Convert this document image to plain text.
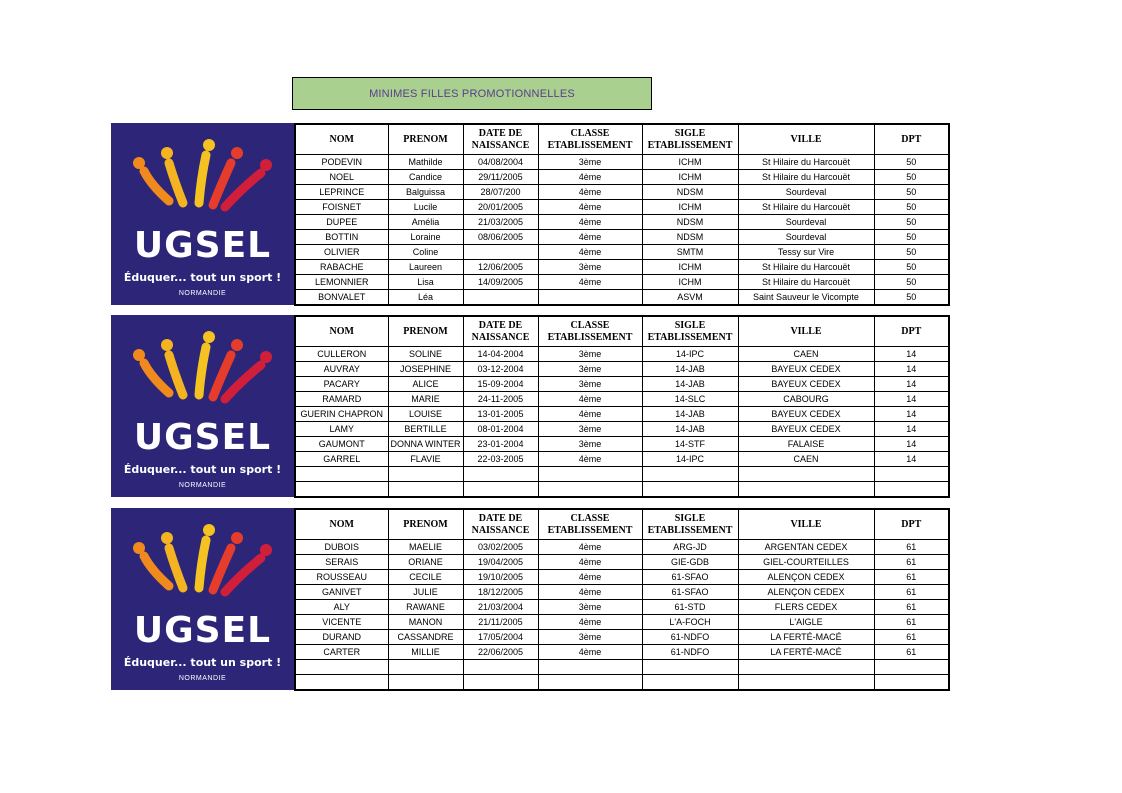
MINIMES FILLES PROMOTIONNELLES
UGSEL
Éduquer... tout un sport !
NORMANDIE
NOM	PRENOM	DATE DE NAISSANCE	CLASSE ETABLISSEMENT	SIGLE ETABLISSEMENT	VILLE	DPT
PODEVIN	Mathilde	04/08/2004	3ème	ICHM	St Hilaire du Harcouët	50
NOEL	Candice	29/11/2005	4ème	ICHM	St Hilaire du Harcouët	50
LEPRINCE	Balguissa	28/07/200	4ème	NDSM	Sourdeval	50
FOISNET	Lucile	20/01/2005	4ème	ICHM	St Hilaire du Harcouët	50
DUPEE	Amélia	21/03/2005	4ème	NDSM	Sourdeval	50
BOTTIN	Loraine	08/06/2005	4ème	NDSM	Sourdeval	50
OLIVIER	Coline		4ème	SMTM	Tessy sur Vire	50
RABACHE	Laureen	12/06/2005	3ème	ICHM	St Hilaire du Harcouët	50
LEMONNIER	Lisa	14/09/2005	4ème	ICHM	St Hilaire du Harcouët	50
BONVALET	Léa			ASVM	Saint Sauveur le Vicompte	50
UGSEL
Éduquer... tout un sport !
NORMANDIE
NOM	PRENOM	DATE DE NAISSANCE	CLASSE ETABLISSEMENT	SIGLE ETABLISSEMENT	VILLE	DPT
CULLERON	SOLINE	14-04-2004	3ème	14-IPC	CAEN	14
AUVRAY	JOSEPHINE	03-12-2004	3ème	14-JAB	BAYEUX CEDEX	14
PACARY	ALICE	15-09-2004	3ème	14-JAB	BAYEUX CEDEX	14
RAMARD	MARIE	24-11-2005	4ème	14-SLC	CABOURG	14
GUERIN CHAPRON	LOUISE	13-01-2005	4ème	14-JAB	BAYEUX CEDEX	14
LAMY	BERTILLE	08-01-2004	3ème	14-JAB	BAYEUX CEDEX	14
GAUMONT	DONNA WINTER	23-01-2004	3ème	14-STF	FALAISE	14
GARREL	FLAVIE	22-03-2005	4ème	14-IPC	CAEN	14

UGSEL
Éduquer... tout un sport !
NORMANDIE
NOM	PRENOM	DATE DE NAISSANCE	CLASSE ETABLISSEMENT	SIGLE ETABLISSEMENT	VILLE	DPT
DUBOIS	MAELIE	03/02/2005	4ème	ARG-JD	ARGENTAN CEDEX	61
SERAIS	ORIANE	19/04/2005	4ème	GIE-GDB	GIEL-COURTEILLES	61
ROUSSEAU	CECILE	19/10/2005	4ème	61-SFAO	ALENÇON CEDEX	61
GANIVET	JULIE	18/12/2005	4ème	61-SFAO	ALENÇON CEDEX	61
ALY	RAWANE	21/03/2004	3ème	61-STD	FLERS CEDEX	61
VICENTE	MANON	21/11/2005	4ème	L'A-FOCH	L'AIGLE	61
DURAND	CASSANDRE	17/05/2004	3ème	61-NDFO	LA FERTÉ-MACÉ	61
CARTER	MILLIE	22/06/2005	4ème	61-NDFO	LA FERTÉ-MACÉ	61
